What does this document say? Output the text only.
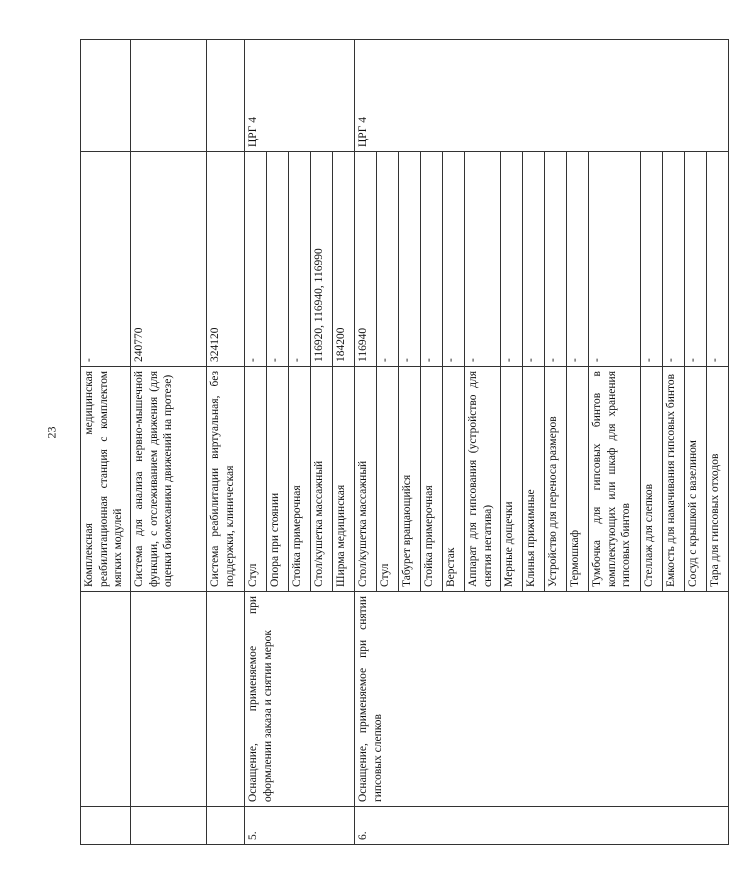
23
		Комплексная медицинская реабилитационная станция с комплектом мягких модулей	-	
		Система для анализа нервно-мышечной функции, с отслеживанием движения (для оценки биомеханики движений на протезе)	240770	
		Система реабилитации виртуальная, без поддержки, клиническая	324120	
5.	Оснащение, применяемое при оформлении заказа и снятии мерок	Стул	-	ЦРГ 4
		Опора при стоянии	-	
		Стойка примерочная	-	
		Стол/кушетка массажный	116920, 116940, 116990	
		Ширма медицинская	184200	
6.	Оснащение, применяемое при снятии гипсовых слепков	Стол/кушетка массажный	116940	ЦРГ 4
		Стул	-	
		Табурет вращающийся	-	
		Стойка примерочная	-	
		Верстак	-	
		Аппарат для гипсования (устройство для снятия негатива)	-	
		Мерные дощечки	-	
		Клинья прижимные	-	
		Устройство для переноса размеров	-	
		Термошкаф	-	
		Тумбочка для гипсовых бинтов в комплектующих или шкаф для хранения гипсовых бинтов	-	
		Стеллаж для слепков	-	
		Емкость для намачивания гипсовых бинтов	-	
		Сосуд с крышкой с вазелином	-	
		Тара для гипсовых отходов	-	
